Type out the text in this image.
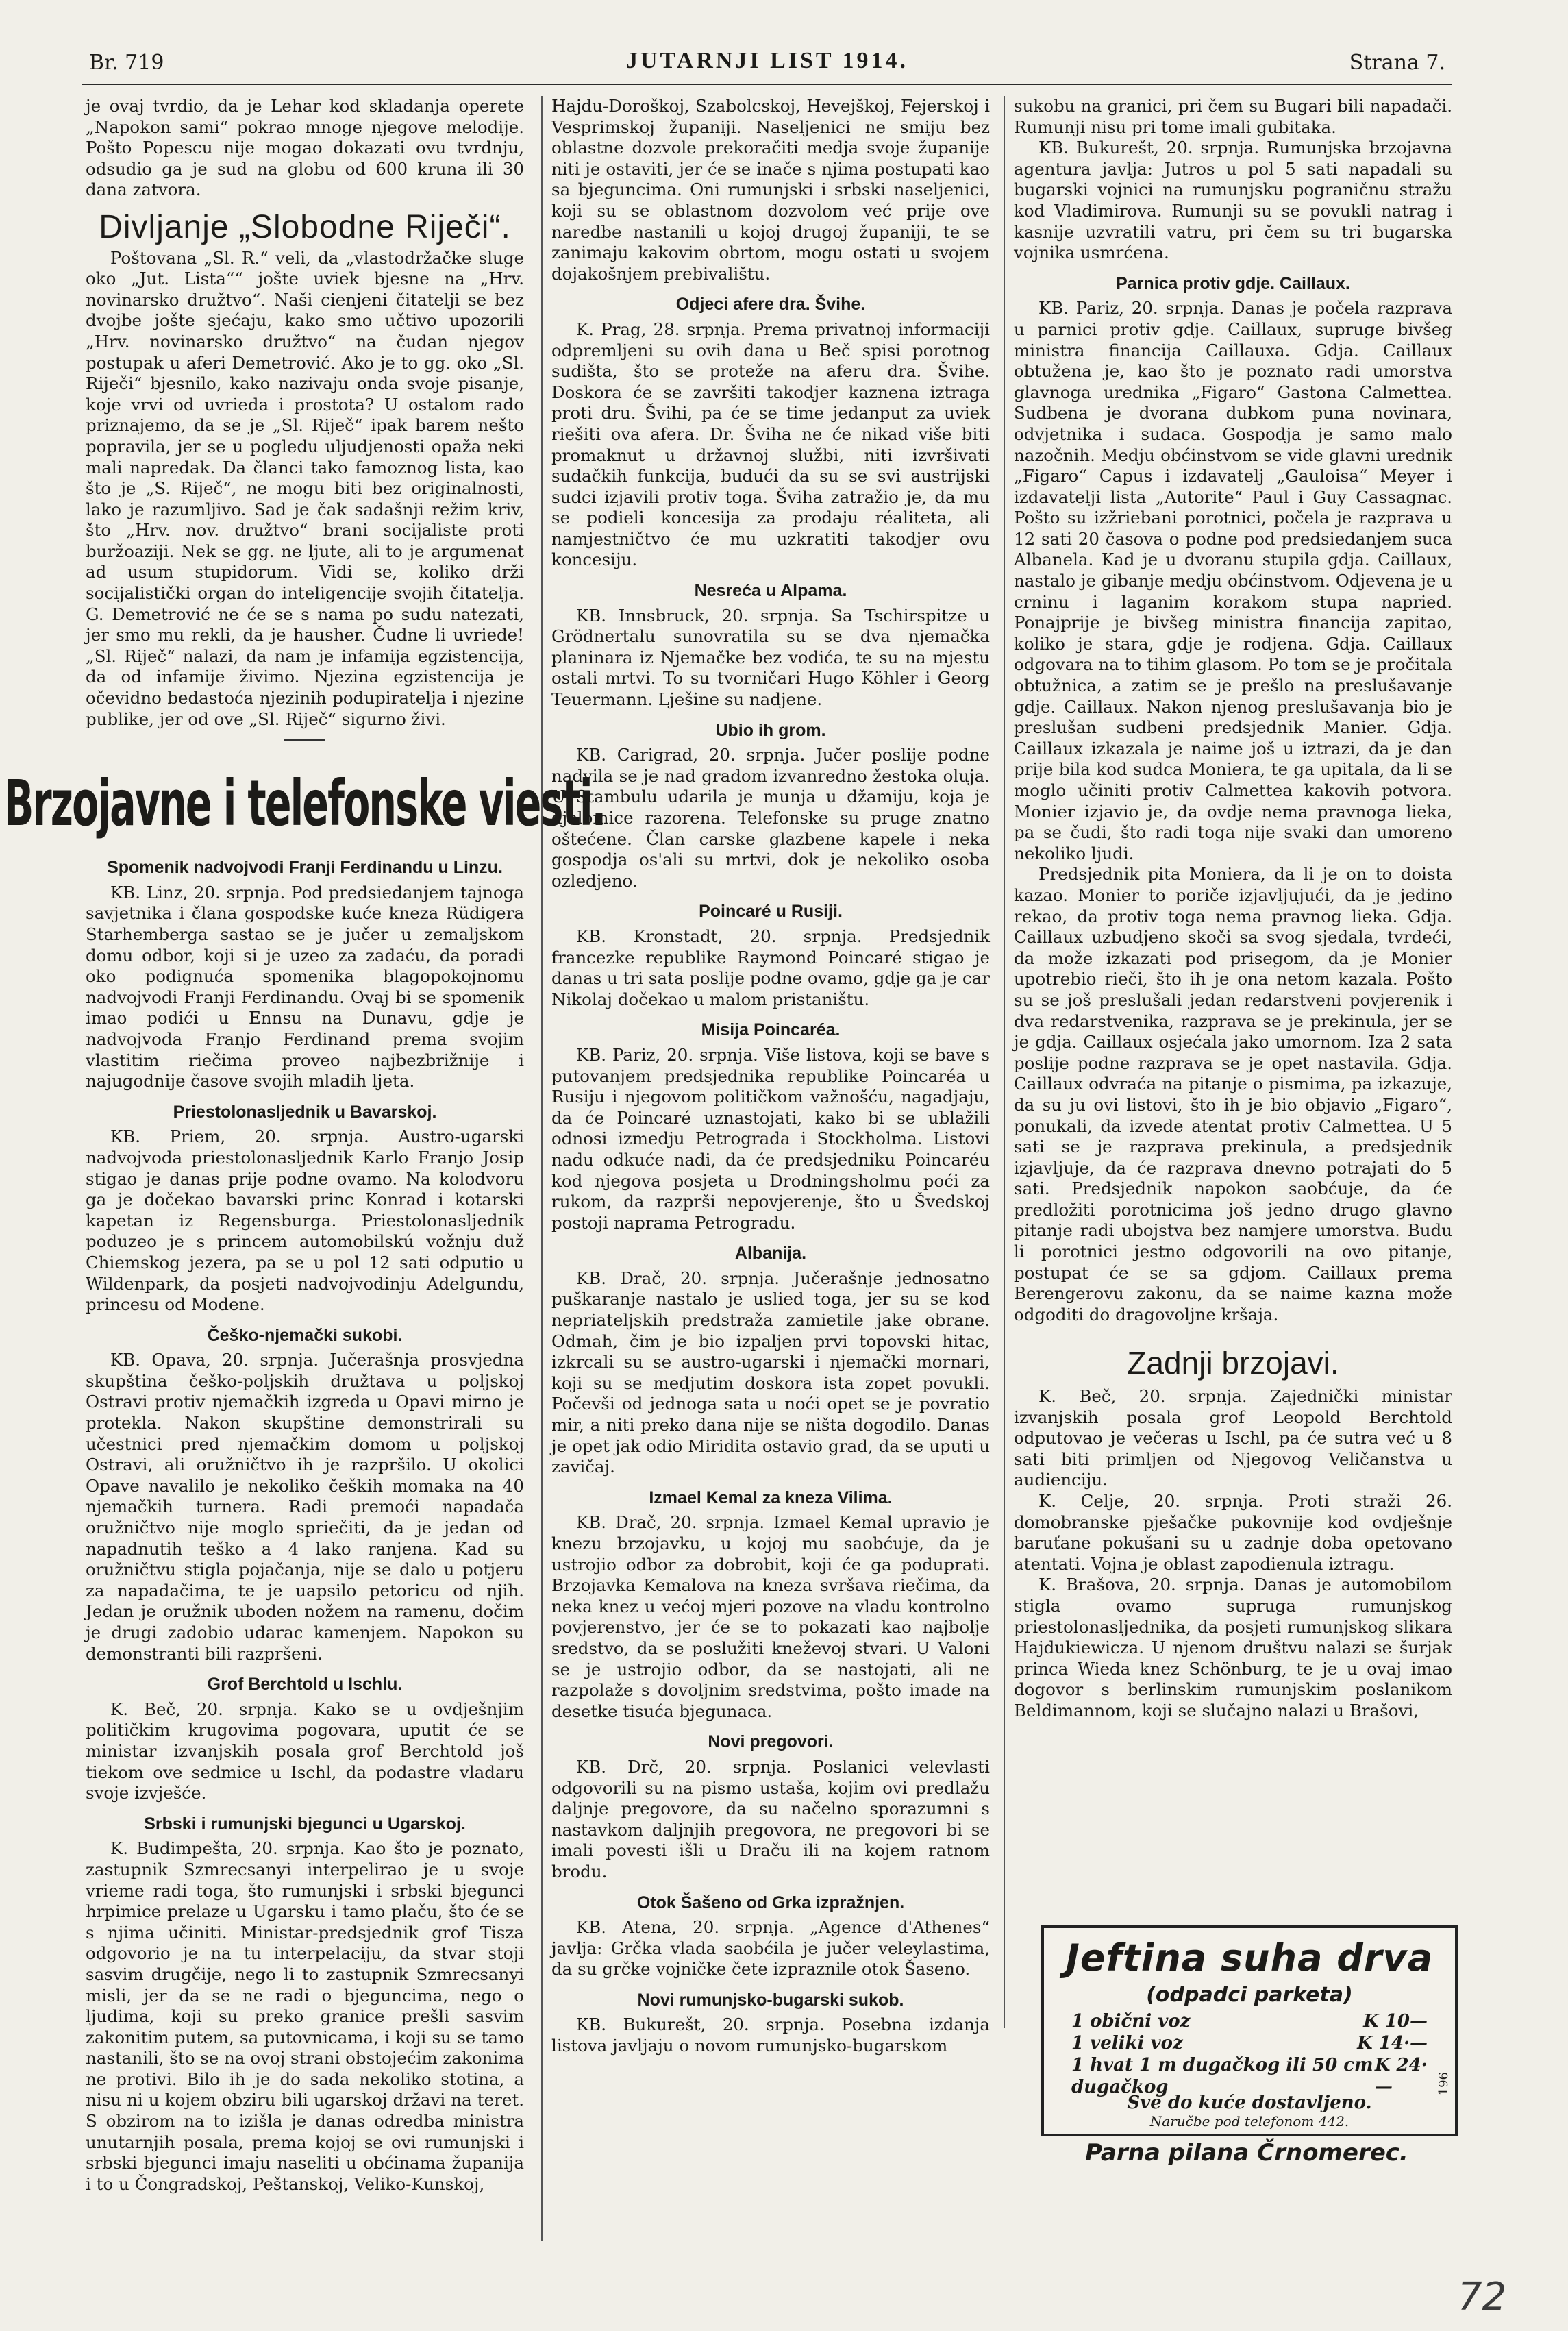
Br. 719	JUTARNJI LIST 1914.	Strana 7.

je ovaj tvrdio, da je Lehar kod skladanja operete „Napokon sami“ pokrao mnoge njegove melodije. Pošto Popescu nije mogao dokazati ovu tvrdnju, odsudio ga je sud na globu od 600 kruna ili 30 dana zatvora.

Divljanje „Slobodne Riječi“.

Poštovana „Sl. R.“ veli, da „vlastodržačke sluge oko „Jut. Lista““ jošte uviek bjesne na „Hrv. novinarsko družtvo“. Naši cienjeni čitatelji se bez dvojbe jošte sjećaju, kako smo učtivo upozorili „Hrv. novinarsko družtvo“ na čudan njegov postupak u aferi Demetrović. Ako je to gg. oko „Sl. Riječi“ bjesnilo, kako nazivaju onda svoje pisanje, koje vrvi od uvrieda i prostota? U ostalom rado priznajemo, da se je „Sl. Riječ“ ipak barem nešto popravila, jer se u pogledu uljudjenosti opaža neki mali napredak. Da članci tako famoznog lista, kao što je „S. Riječ“, ne mogu biti bez originalnosti, lako je razumljivo. Sad je čak sadašnji režim kriv, što „Hrv. nov. družtvo“ brani socijaliste proti buržoaziji. Nek se gg. ne ljute, ali to je argumenat ad usum stupidorum. Vidi se, koliko drži socijalistički organ do inteligencije svojih čitatelja. G. Demetrović ne će se s nama po sudu natezati, jer smo mu rekli, da je hausher. Čudne li uvriede! „Sl. Riječ“ nalazi, da nam je infamija egzistencija, da od infamije živimo. Njezina egzistencija je očevidno bedastoća njezinih podupiratelja i njezine publike, jer od ove „Sl. Riječ“ sigurno živi.

Brzojavne i telefonske viesti.
Spomenik nadvojvodi Franji Ferdinandu u Linzu.

KB. Linz, 20. srpnja. Pod predsiedanjem tajnoga savjetnika i člana gospodske kuće kneza Rüdigera Starhemberga sastao se je jučer u zemaljskom domu odbor, koji si je uzeo za zadaću, da poradi oko podignuća spomenika blagopokojnomu nadvojvodi Franji Ferdinandu. Ovaj bi se spomenik imao podići u Ennsu na Dunavu, gdje je nadvojvoda Franjo Ferdinand prema svojim vlastitim riečima proveo najbezbrižnije i najugodnije časove svojih mladih ljeta.

Priestolonasljednik u Bavarskoj.

KB. Priem, 20. srpnja. Austro-ugarski nadvojvoda priestolonasljednik Karlo Franjo Josip stigao je danas prije podne ovamo. Na kolodvoru ga je dočekao bavarski princ Konrad i kotarski kapetan iz Regensburga. Priestolonasljednik poduzeo je s princem automobilskú vožnju duž Chiemskog jezera, pa se u pol 12 sati odputio u Wildenpark, da posjeti nadvojvodinju Adelgundu, princesu od Modene.

Češko-njemački sukobi.

KB. Opava, 20. srpnja. Jučerašnja prosvjedna skupština češko-poljskih družtava u poljskoj Ostravi protiv njemačkih izgreda u Opavi mirno je protekla. Nakon skupštine demonstrirali su učestnici pred njemačkim domom u poljskoj Ostravi, ali oružničtvo ih je razpršilo. U okolici Opave navalilo je nekoliko čeških momaka na 40 njemačkih turnera. Radi premoći napadača oružničtvo nije moglo spriečiti, da je jedan od napadnutih teško a 4 lako ranjena. Kad su oružničtvu stigla pojačanja, nije se dalo u potjeru za napadačima, te je uapsilo petoricu od njih. Jedan je oružnik uboden nožem na ramenu, dočim je drugi zadobio udarac kamenjem. Napokon su demonstranti bili razpršeni.

Grof Berchtold u Ischlu.

K. Beč, 20. srpnja. Kako se u ovdješnjim političkim krugovima pogovara, uputit će se ministar izvanjskih posala grof Berchtold još tiekom ove sedmice u Ischl, da podastre vladaru svoje izvješće.

Srbski i rumunjski bjegunci u Ugarskoj.

K. Budimpešta, 20. srpnja. Kao što je poznato, zastupnik Szmrecsanyi interpelirao je u svoje vrieme radi toga, što rumunjski i srbski bjegunci hrpimice prelaze u Ugarsku i tamo plaču, što će se s njima učiniti. Ministar-predsjednik grof Tisza odgovorio je na tu interpelaciju, da stvar stoji sasvim drugčije, nego li to zastupnik Szmrecsanyi misli, jer da se ne radi o bjeguncima, nego o ljudima, koji su preko granice prešli sasvim zakonitim putem, sa putovnicama, i koji su se tamo nastanili, što se na ovoj strani obstojećim zakonima ne protivi. Bilo ih je do sada nekoliko stotina, a nisu ni u kojem obziru bili ugarskoj državi na teret. S obzirom na to izišla je danas odredba ministra unutarnjih posala, prema kojoj se ovi rumunjski i srbski bjegunci imaju naseliti u obćinama županija i to u Čongradskoj, Peštanskoj, Veliko-Kunskoj,

Hajdu-Doroškoj, Szabolcskoj, Hevejškoj, Fejerskoj i Vesprimskoj županiji. Naseljenici ne smiju bez oblastne dozvole prekoračiti medja svoje županije niti je ostaviti, jer će se inače s njima postupati kao sa bjeguncima. Oni rumunjski i srbski naseljenici, koji su se oblastnom dozvolom već prije ove naredbe nastanili u kojoj drugoj županiji, te se zanimaju kakovim obrtom, mogu ostati u svojem dojakošnjem prebivalištu.

Odjeci afere dra. Švihe.

K. Prag, 28. srpnja. Prema privatnoj informaciji odpremljeni su ovih dana u Beč spisi porotnog sudišta, što se proteže na aferu dra. Švihe. Doskora će se završiti takodjer kaznena iztraga proti dru. Švihi, pa će se time jedanput za uviek riešiti ova afera. Dr. Šviha ne će nikad više biti promaknut u državnoj službi, niti izvršivati sudačkih funkcija, budući da su se svi austrijski sudci izjavili protiv toga. Šviha zatražio je, da mu se podieli koncesija za prodaju réaliteta, ali namjestničtvo će mu uzkratiti takodjer ovu koncesiju.

Nesreća u Alpama.

KB. Innsbruck, 20. srpnja. Sa Tschirspitze u Grödnertalu sunovratila su se dva njemačka planinara iz Njemačke bez vodića, te su na mjestu ostali mrtvi. To su tvorničari Hugo Köhler i Georg Teuermann. Lješine su nadjene.

Ubio ih grom.

KB. Carigrad, 20. srpnja. Jučer poslije podne nadvila se je nad gradom izvanredno žestoka oluja. U Stambulu udarila je munja u džamiju, koja je djelomice razorena. Telefonske su pruge znatno oštećene. Član carske glazbene kapele i neka gospodja os'ali su mrtvi, dok je nekoliko osoba ozledjeno.

Poincaré u Rusiji.

KB. Kronstadt, 20. srpnja. Predsjednik francezke republike Raymond Poincaré stigao je danas u tri sata poslije podne ovamo, gdje ga je car Nikolaj dočekao u malom pristaništu.

Misija Poincaréa.

KB. Pariz, 20. srpnja. Više listova, koji se bave s putovanjem predsjednika republike Poincaréa u Rusiju i njegovom političkom važnošću, nagadjaju, da će Poincaré uznastojati, kako bi se ublažili odnosi izmedju Petrograda i Stockholma. Listovi nadu odkuće nadi, da će predsjedniku Poincaréu kod njegova posjeta u Drodningsholmu poći za rukom, da razprši nepovjerenje, što u Švedskoj postoji naprama Petrogradu.

Albanija.

KB. Drač, 20. srpnja. Jučerašnje jednosatno puškaranje nastalo je uslied toga, jer su se kod nepriateljskih predstraža zamietile jake obrane. Odmah, čim je bio izpaljen prvi topovski hitac, izkrcali su se austro-ugarski i njemački mornari, koji su se medjutim doskora ista zopet povukli. Počevši od jednoga sata u noći opet se je povratio mir, a niti preko dana nije se ništa dogodilo. Danas je opet jak odio Miridita ostavio grad, da se uputi u zavičaj.

Izmael Kemal za kneza Vilima.

KB. Drač, 20. srpnja. Izmael Kemal upravio je knezu brzojavku, u kojoj mu saobćuje, da je ustrojio odbor za dobrobit, koji će ga poduprati. Brzojavka Kemalova na kneza svršava riečima, da neka knez u većoj mjeri pozove na vladu kontrolno povjerenstvo, jer će se to pokazati kao najbolje sredstvo, da se poslužiti kneževoj stvari. U Valoni se je ustrojio odbor, da se nastojati, ali ne razpolaže s dovoljnim sredstvima, pošto imade na desetke tisuća bjegunaca.

Novi pregovori.

KB. Drč, 20. srpnja. Poslanici velevlasti odgovorili su na pismo ustaša, kojim ovi predlažu daljnje pregovore, da su načelno sporazumni s nastavkom daljnjih pregovora, ne pregovori bi se imali povesti išli u Draču ili na kojem ratnom brodu.

Otok Šašeno od Grka izpražnjen.

KB. Atena, 20. srpnja. „Agence d'Athenes“ javlja: Grčka vlada saobćila je jučer veleylastima, da su grčke vojničke čete izpraznile otok Šaseno.

Novi rumunjsko-bugarski sukob.

KB. Bukurešt, 20. srpnja. Posebna izdanja listova javljaju o novom rumunjsko-bugarskom

sukobu na granici, pri čem su Bugari bili napadači. Rumunji nisu pri tome imali gubitaka.

KB. Bukurešt, 20. srpnja. Rumunjska brzojavna agentura javlja: Jutros u pol 5 sati napadali su bugarski vojnici na rumunjsku pograničnu stražu kod Vladimirova. Rumunji su se povukli natrag i kasnije uzvratili vatru, pri čem su tri bugarska vojnika usmrćena.

Parnica protiv gdje. Caillaux.

KB. Pariz, 20. srpnja. Danas je počela razprava u parnici protiv gdje. Caillaux, supruge bivšeg ministra financija Caillauxa. Gdja. Caillaux obtužena je, kao što je poznato radi umorstva glavnoga urednika „Figaro“ Gastona Calmettea. Sudbena je dvorana dubkom puna novinara, odvjetnika i sudaca. Gospodja je samo malo nazočnih. Medju obćinstvom se vide glavni urednik „Figaro“ Capus i izdavatelj „Gauloisa“ Meyer i izdavatelji lista „Autorite“ Paul i Guy Cassagnac. Pošto su izžriebani porotnici, počela je razprava u 12 sati 20 časova o podne pod predsiedanjem suca Albanela. Kad je u dvoranu stupila gdja. Caillaux, nastalo je gibanje medju obćinstvom. Odjevena je u crninu i laganim korakom stupa napried. Ponajprije je bivšeg ministra financija zapitao, koliko je stara, gdje je rodjena. Gdja. Caillaux odgovara na to tihim glasom. Po tom se je pročitala obtužnica, a zatim se je prešlo na preslušavanje gdje. Caillaux. Nakon njenog preslušavanja bio je preslušan sudbeni predsjednik Manier. Gdja. Caillaux izkazala je naime još u iztrazi, da je dan prije bila kod sudca Moniera, te ga upitala, da li se moglo učiniti protiv Calmettea kakovih potvora. Monier izjavio je, da ovdje nema pravnoga lieka, pa se čudi, što radi toga nije svaki dan umoreno nekoliko ljudi.

Predsjednik pita Moniera, da li je on to doista kazao. Monier to poriče izjavljujući, da je jedino rekao, da protiv toga nema pravnog lieka. Gdja. Caillaux uzbudjeno skoči sa svog sjedala, tvrdeći, da može izkazati pod prisegom, da je Monier upotrebio rieči, što ih je ona netom kazala. Pošto su se još preslušali jedan redarstveni povjerenik i dva redarstvenika, razprava se je prekinula, jer se je gdja. Caillaux osjećala jako umornom. Iza 2 sata poslije podne razprava se je opet nastavila. Gdja. Caillaux odvraća na pitanje o pismima, pa izkazuje, da su ju ovi listovi, što ih je bio objavio „Figaro“, ponukali, da izvede atentat protiv Calmettea. U 5 sati se je razprava prekinula, a predsjednik izjavljuje, da će razprava dnevno potrajati do 5 sati. Predsjednik napokon saobćuje, da će predložiti porotnicima još jedno drugo glavno pitanje radi ubojstva bez namjere umorstva. Budu li porotnici jestno odgovorili na ovo pitanje, postupat će se sa gdjom. Caillaux prema Berengerovu zakonu, da se naime kazna može odgoditi do dragovoljne kršaja.

Zadnji brzojavi.

K. Beč, 20. srpnja. Zajednički ministar izvanjskih posala grof Leopold Berchtold odputovao je večeras u Ischl, pa će sutra već u 8 sati biti primljen od Njegovog Veličanstva u audienciju.

K. Celje, 20. srpnja. Proti straži 26. domobranske pješačke pukovnije kod ovdješnje baruťane pokušani su u zadnje doba opetovano atentati. Vojna je oblast zapodienula iztragu.

K. Brašova, 20. srpnja. Danas je automobilom stigla ovamo supruga rumunjskog priestolonasljednika, da posjeti rumunjskog slikara Hajdukiewicza. U njenom društvu nalazi se šurjak princa Wieda knez Schönburg, te je u ovaj imao dogovor s berlinskim rumunjskim poslanikom Beldimannom, koji se slučajno nalazi u Brašovi,

Jeftina suha drva
(odpadci parketa)
1 obični voz	K 10—
1 veliki voz	K 14·—
1 hvat 1 m dugačkog ili 50 cm dugačkog
K 24·—
Sve do kuće dostavljeno.
Naručbe pod telefonom 442.
196
Parna pilana Črnomerec.
72
